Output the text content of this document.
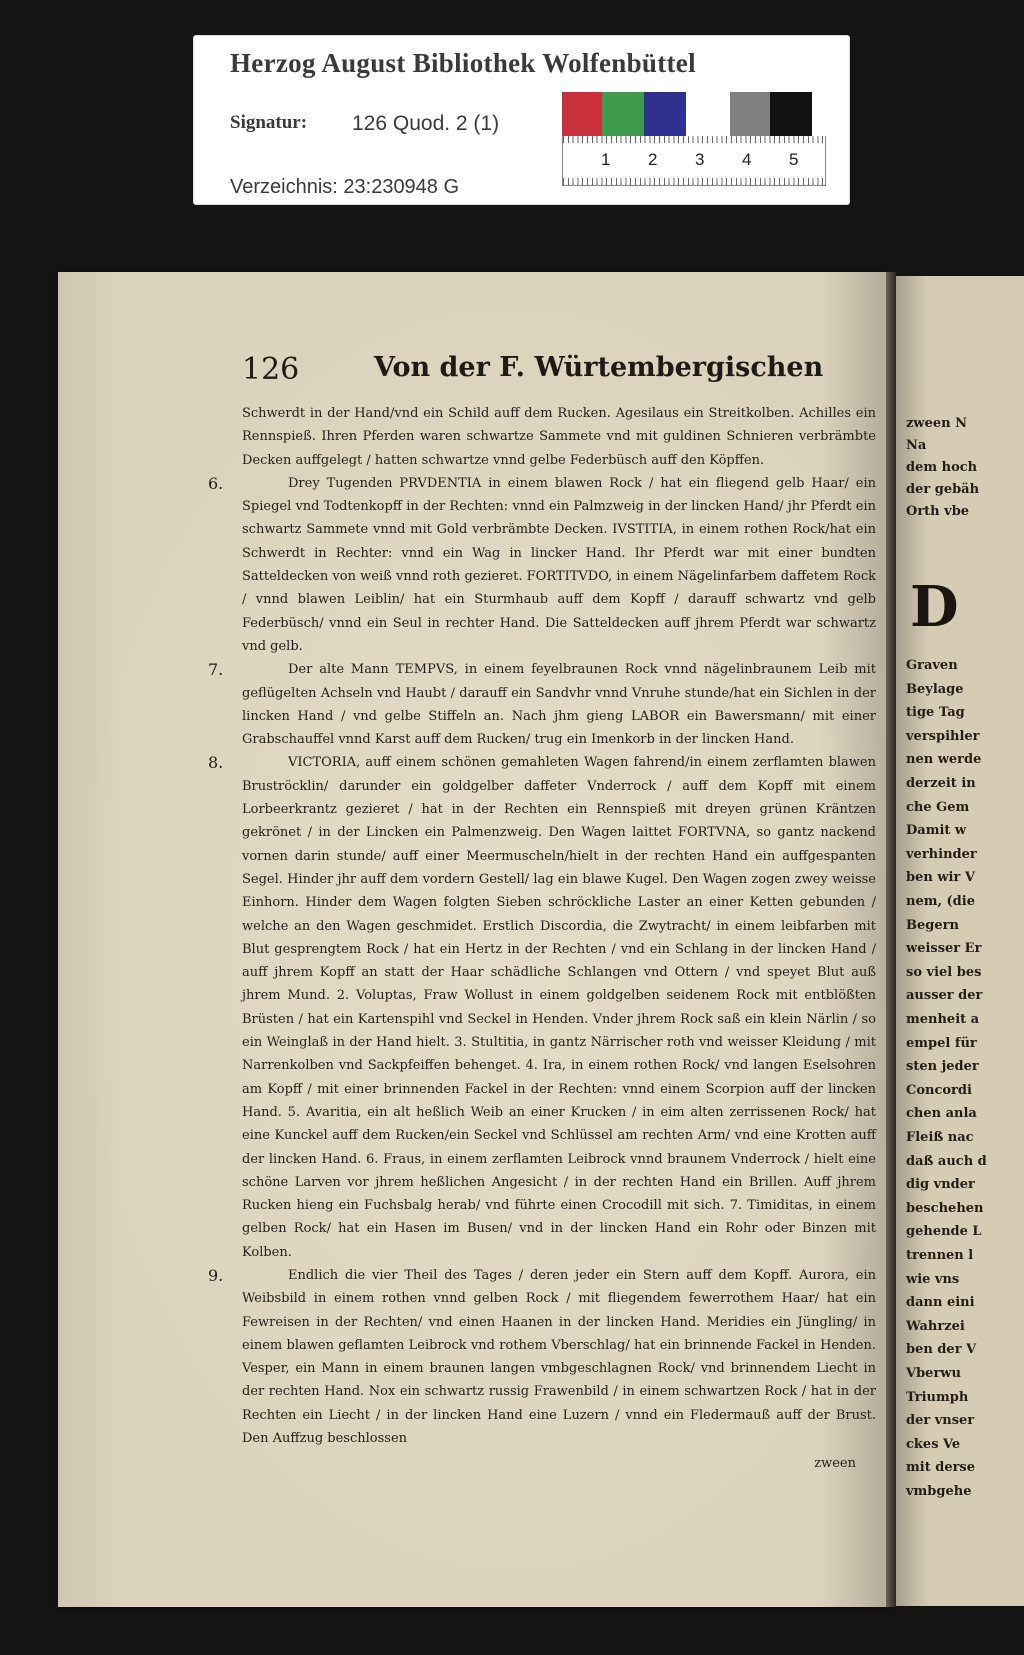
Herzog August Bibliothek Wolfenbüttel
Signatur: 126 Quod. 2 (1)
Verzeichnis: 23:230948 G
1 2 3 4 5
126	Von der F. Würtembergischen

Schwerdt in der Hand/vnd ein Schild auff dem Rucken. Agesilaus ein Streitkolben. Achilles ein Rennspieß. Ihren Pferden waren schwartze Sammete vnd mit guldinen Schnieren verbrämbte Decken auffgelegt / hatten schwartze vnnd gelbe Federbüsch auff den Köpffen.

6.	Drey Tugenden PRVDENTIA in einem blawen Rock / hat ein fliegend gelb Haar/ ein Spiegel vnd Todtenkopff in der Rechten: vnnd ein Palmzweig in der lincken Hand/ jhr Pferdt ein schwartz Sammete vnnd mit Gold verbrämbte Decken. IVSTITIA, in einem rothen Rock/hat ein Schwerdt in Rechter: vnnd ein Wag in lincker Hand. Ihr Pferdt war mit einer bundten Satteldecken von weiß vnnd roth gezieret. FORTITVDO, in einem Nägelinfarbem daffetem Rock / vnnd blawen Leiblin/ hat ein Sturmhaub auff dem Kopff / darauff schwartz vnd gelb Federbüsch/ vnnd ein Seul in rechter Hand. Die Satteldecken auff jhrem Pferdt war schwartz vnd gelb.

7.	Der alte Mann TEMPVS, in einem feyelbraunen Rock vnnd nägelinbraunem Leib mit geflügelten Achseln vnd Haubt / darauff ein Sandvhr vnnd Vnruhe stunde/hat ein Sichlen in der lincken Hand / vnd gelbe Stiffeln an. Nach jhm gieng LABOR ein Bawersmann/ mit einer Grabschauffel vnnd Karst auff dem Rucken/ trug ein Imenkorb in der lincken Hand.

8.	VICTORIA, auff einem schönen gemahleten Wagen fahrend/in einem zerflamten blawen Bruströcklin/ darunder ein goldgelber daffeter Vnderrock / auff dem Kopff mit einem Lorbeerkrantz gezieret / hat in der Rechten ein Rennspieß mit dreyen grünen Kräntzen gekrönet / in der Lincken ein Palmenzweig. Den Wagen laittet FORTVNA, so gantz nackend vornen darin stunde/ auff einer Meermuscheln/hielt in der rechten Hand ein auffgespanten Segel. Hinder jhr auff dem vordern Gestell/ lag ein blawe Kugel. Den Wagen zogen zwey weisse Einhorn. Hinder dem Wagen folgten Sieben schröckliche Laster an einer Ketten gebunden / welche an den Wagen geschmidet. Erstlich Discordia, die Zwytracht/ in einem leibfarben mit Blut gesprengtem Rock / hat ein Hertz in der Rechten / vnd ein Schlang in der lincken Hand / auff jhrem Kopff an statt der Haar schädliche Schlangen vnd Ottern / vnd speyet Blut auß jhrem Mund. 2. Voluptas, Fraw Wollust in einem goldgelben seidenem Rock mit entblößten Brüsten / hat ein Kartenspihl vnd Seckel in Henden. Vnder jhrem Rock saß ein klein Närlin / so ein Weinglaß in der Hand hielt. 3. Stultitia, in gantz Närrischer roth vnd weisser Kleidung / mit Narrenkolben vnd Sackpfeiffen behenget. 4. Ira, in einem rothen Rock/ vnd langen Eselsohren am Kopff / mit einer brinnenden Fackel in der Rechten: vnnd einem Scorpion auff der lincken Hand. 5. Avaritia, ein alt heßlich Weib an einer Krucken / in eim alten zerrissenen Rock/ hat eine Kunckel auff dem Rucken/ein Seckel vnd Schlüssel am rechten Arm/ vnd eine Krotten auff der lincken Hand. 6. Fraus, in einem zerflamten Leibrock vnnd braunem Vnderrock / hielt eine schöne Larven vor jhrem heßlichen Angesicht / in der rechten Hand ein Brillen. Auff jhrem Rucken hieng ein Fuchsbalg herab/ vnd führte einen Crocodill mit sich. 7. Timiditas, in einem gelben Rock/ hat ein Hasen im Busen/ vnd in der lincken Hand ein Rohr oder Binzen mit Kolben.

9.	Endlich die vier Theil des Tages / deren jeder ein Stern auff dem Kopff. Aurora, ein Weibsbild in einem rothen vnnd gelben Rock / mit fliegendem fewerrothem Haar/ hat ein Fewreisen in der Rechten/ vnd einen Haanen in der lincken Hand. Meridies ein Jüngling/ in einem blawen geflamten Leibrock vnd rothem Vberschlag/ hat ein brinnende Fackel in Henden. Vesper, ein Mann in einem braunen langen vmbgeschlagnen Rock/ vnd brinnendem Liecht in der rechten Hand. Nox ein schwartz russig Frawenbild / in einem schwartzen Rock / hat in der Rechten ein Liecht / in der lincken Hand eine Luzern / vnnd ein Fledermauß auff der Brust. Den Auffzug beschlossen

zween
zween N
Na
dem hoch
der gebäh
Orth vbe
D
Graven
Beylage
tige Tag
verspihler
nen werde
derzeit in
che Gem
Damit w
verhinder
ben wir V
nem, (die
Begern
weisser Er
so viel bes
ausser der
menheit a
empel für
sten jeder
Concordi
chen anla
Fleiß nac
daß auch d
dig vnder
beschehen
gehende L
trennen l
wie vns
dann eini
Wahrzei
ben der V
Vberwu
Triumph
der vnser
ckes Ve
mit derse
vmbgehe
